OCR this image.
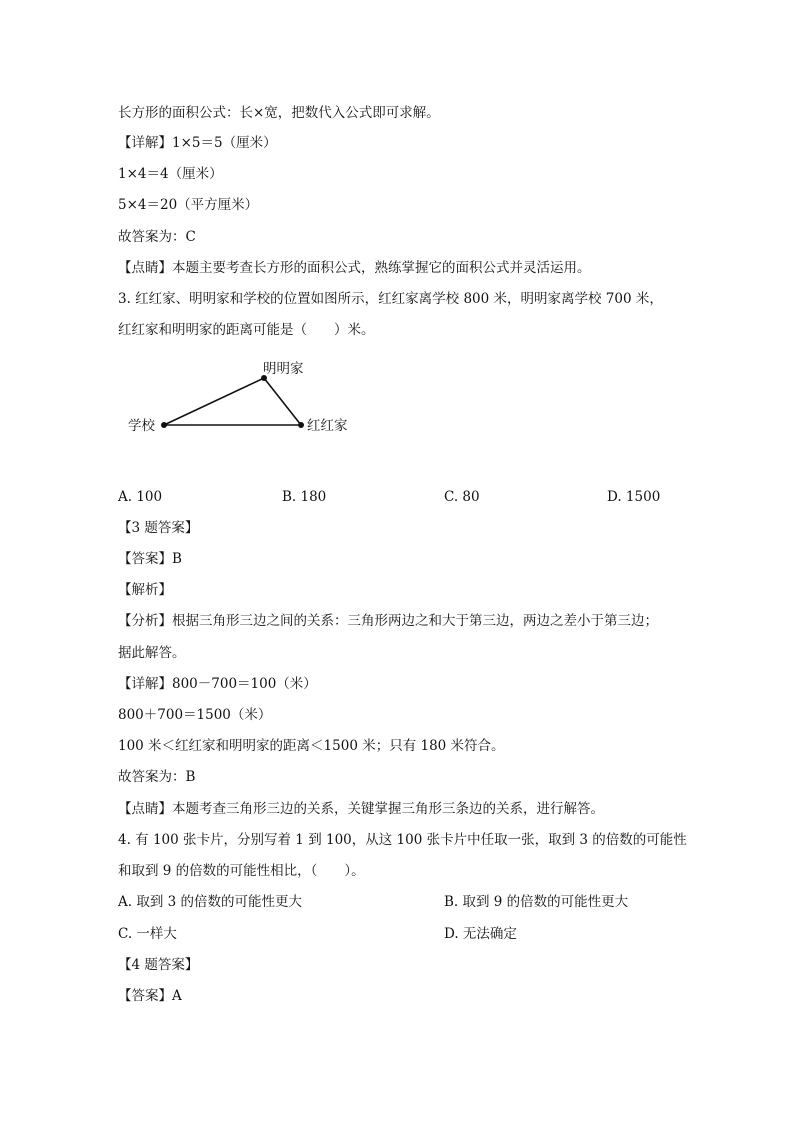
长方形的面积公式：长×宽，把数代入公式即可求解。
【详解】1×5＝5（厘米）
1×4＝4（厘米）
5×4＝20（平方厘米）
故答案为：C
【点睛】本题主要考查长方形的面积公式，熟练掌握它的面积公式并灵活运用。
3. 红红家、明明家和学校的位置如图所示，红红家离学校 800 米，明明家离学校 700 米，
红红家和明明家的距离可能是（　　）米。
明明家
学校	红红家
A. 100	B. 180	C. 80	D. 1500
【3 题答案】
【答案】B
【解析】
【分析】根据三角形三边之间的关系：三角形两边之和大于第三边，两边之差小于第三边；
据此解答。
【详解】800－700＝100（米）
800＋700＝1500（米）
100 米＜红红家和明明家的距离＜1500 米；只有 180 米符合。
故答案为：B
【点睛】本题考查三角形三边的关系，关键掌握三角形三条边的关系，进行解答。
4. 有 100 张卡片，分别写着 1 到 100，从这 100 张卡片中任取一张，取到 3 的倍数的可能性
和取到 9 的倍数的可能性相比，（　　）。
A. 取到 3 的倍数的可能性更大	B. 取到 9 的倍数的可能性更大
C. 一样大	D. 无法确定
【4 题答案】
【答案】A
